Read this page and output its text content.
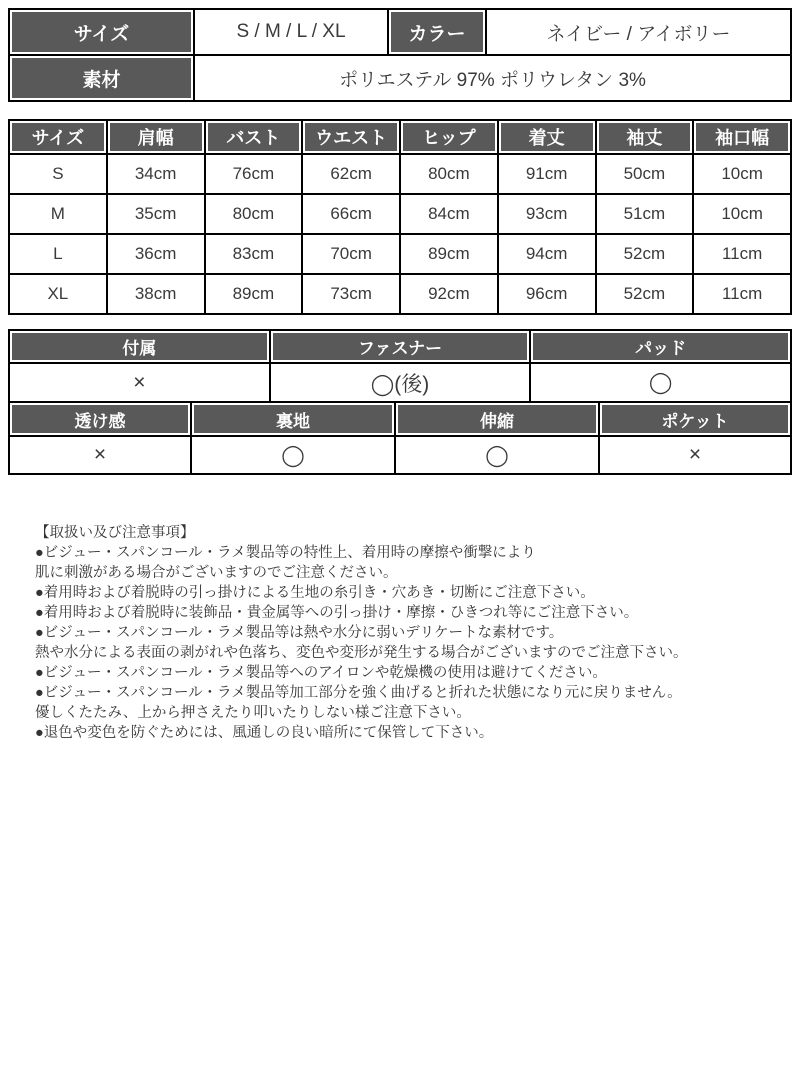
サイズ	S / M / L / XL	カラー	ネイビー / アイボリー
素材	ポリエステル 97% ポリウレタン 3%
サイズ	肩幅	バスト	ウエスト	ヒップ	着丈	袖丈	袖口幅
S	34cm	76cm	62cm	80cm	91cm	50cm	10cm
M	35cm	80cm	66cm	84cm	93cm	51cm	10cm
L	36cm	83cm	70cm	89cm	94cm	52cm	11cm
XL	38cm	89cm	73cm	92cm	96cm	52cm	11cm
付属	ファスナー	パッド
×	◯(後)	◯
透け感	裏地	伸縮	ポケット
×	◯	◯	×
【取扱い及び注意事項】
●ビジュー・スパンコール・ラメ製品等の特性上、着用時の摩擦や衝撃により
肌に刺激がある場合がございますのでご注意ください。
●着用時および着脱時の引っ掛けによる生地の糸引き・穴あき・切断にご注意下さい。
●着用時および着脱時に装飾品・貴金属等への引っ掛け・摩擦・ひきつれ等にご注意下さい。
●ビジュー・スパンコール・ラメ製品等は熱や水分に弱いデリケートな素材です。
熱や水分による表面の剥がれや色落ち、変色や変形が発生する場合がございますのでご注意下さい。
●ビジュー・スパンコール・ラメ製品等へのアイロンや乾燥機の使用は避けてください。
●ビジュー・スパンコール・ラメ製品等加工部分を強く曲げると折れた状態になり元に戻りません。
優しくたたみ、上から押さえたり叩いたりしない様ご注意下さい。
●退色や変色を防ぐためには、風通しの良い暗所にて保管して下さい。
